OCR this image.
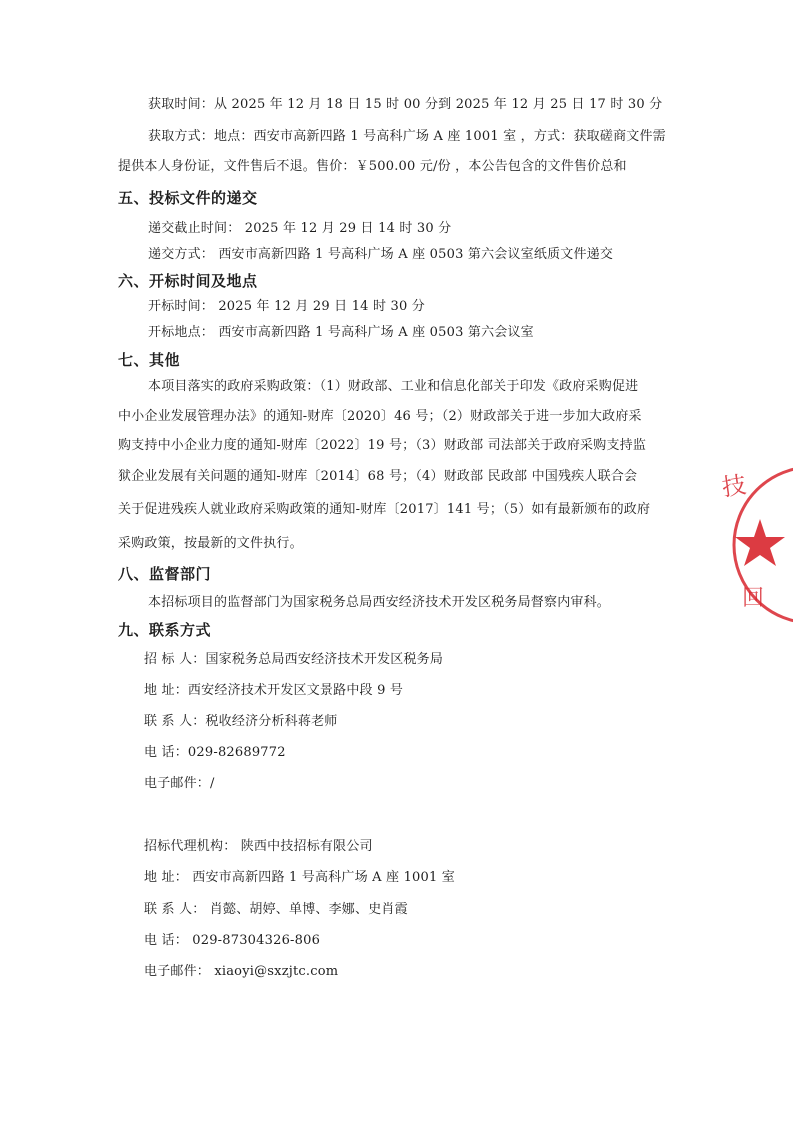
获取时间：从 2025 年 12 月 18 日 15 时 00 分到 2025 年 12 月 25 日 17 时 30 分
获取方式：地点：西安市高新四路 1 号高科广场 A 座 1001 室 ，方式：获取磋商文件需
提供本人身份证，文件售后不退。售价：￥500.00 元/份 ，本公告包含的文件售价总和
五、投标文件的递交
递交截止时间： 2025 年 12 月 29 日 14 时 30 分
递交方式： 西安市高新四路 1 号高科广场 A 座 0503 第六会议室纸质文件递交
六、开标时间及地点
开标时间： 2025 年 12 月 29 日 14 时 30 分
开标地点： 西安市高新四路 1 号高科广场 A 座 0503 第六会议室
七、其他
本项目落实的政府采购政策：（1）财政部、工业和信息化部关于印发《政府采购促进
中小企业发展管理办法》的通知-财库〔2020〕46 号；（2）财政部关于进一步加大政府采
购支持中小企业力度的通知-财库〔2022〕19 号；（3）财政部 司法部关于政府采购支持监
狱企业发展有关问题的通知-财库〔2014〕68 号；（4）财政部 民政部 中国残疾人联合会
关于促进残疾人就业政府采购政策的通知-财库〔2017〕141 号；（5）如有最新颁布的政府
采购政策，按最新的文件执行。
八、监督部门
本招标项目的监督部门为国家税务总局西安经济技术开发区税务局督察内审科。
九、联系方式
招 标 人：国家税务总局西安经济技术开发区税务局
地 址：西安经济技术开发区文景路中段 9 号
联 系 人：税收经济分析科蒋老师
电 话：029-82689772
电子邮件：/
招标代理机构： 陕西中技招标有限公司
地 址： 西安市高新四路 1 号高科广场 A 座 1001 室
联 系 人： 肖懿、胡婷、单博、李娜、史肖霞
电 话： 029-87304326-806
电子邮件： xiaoyi@sxzjtc.com
技
回
